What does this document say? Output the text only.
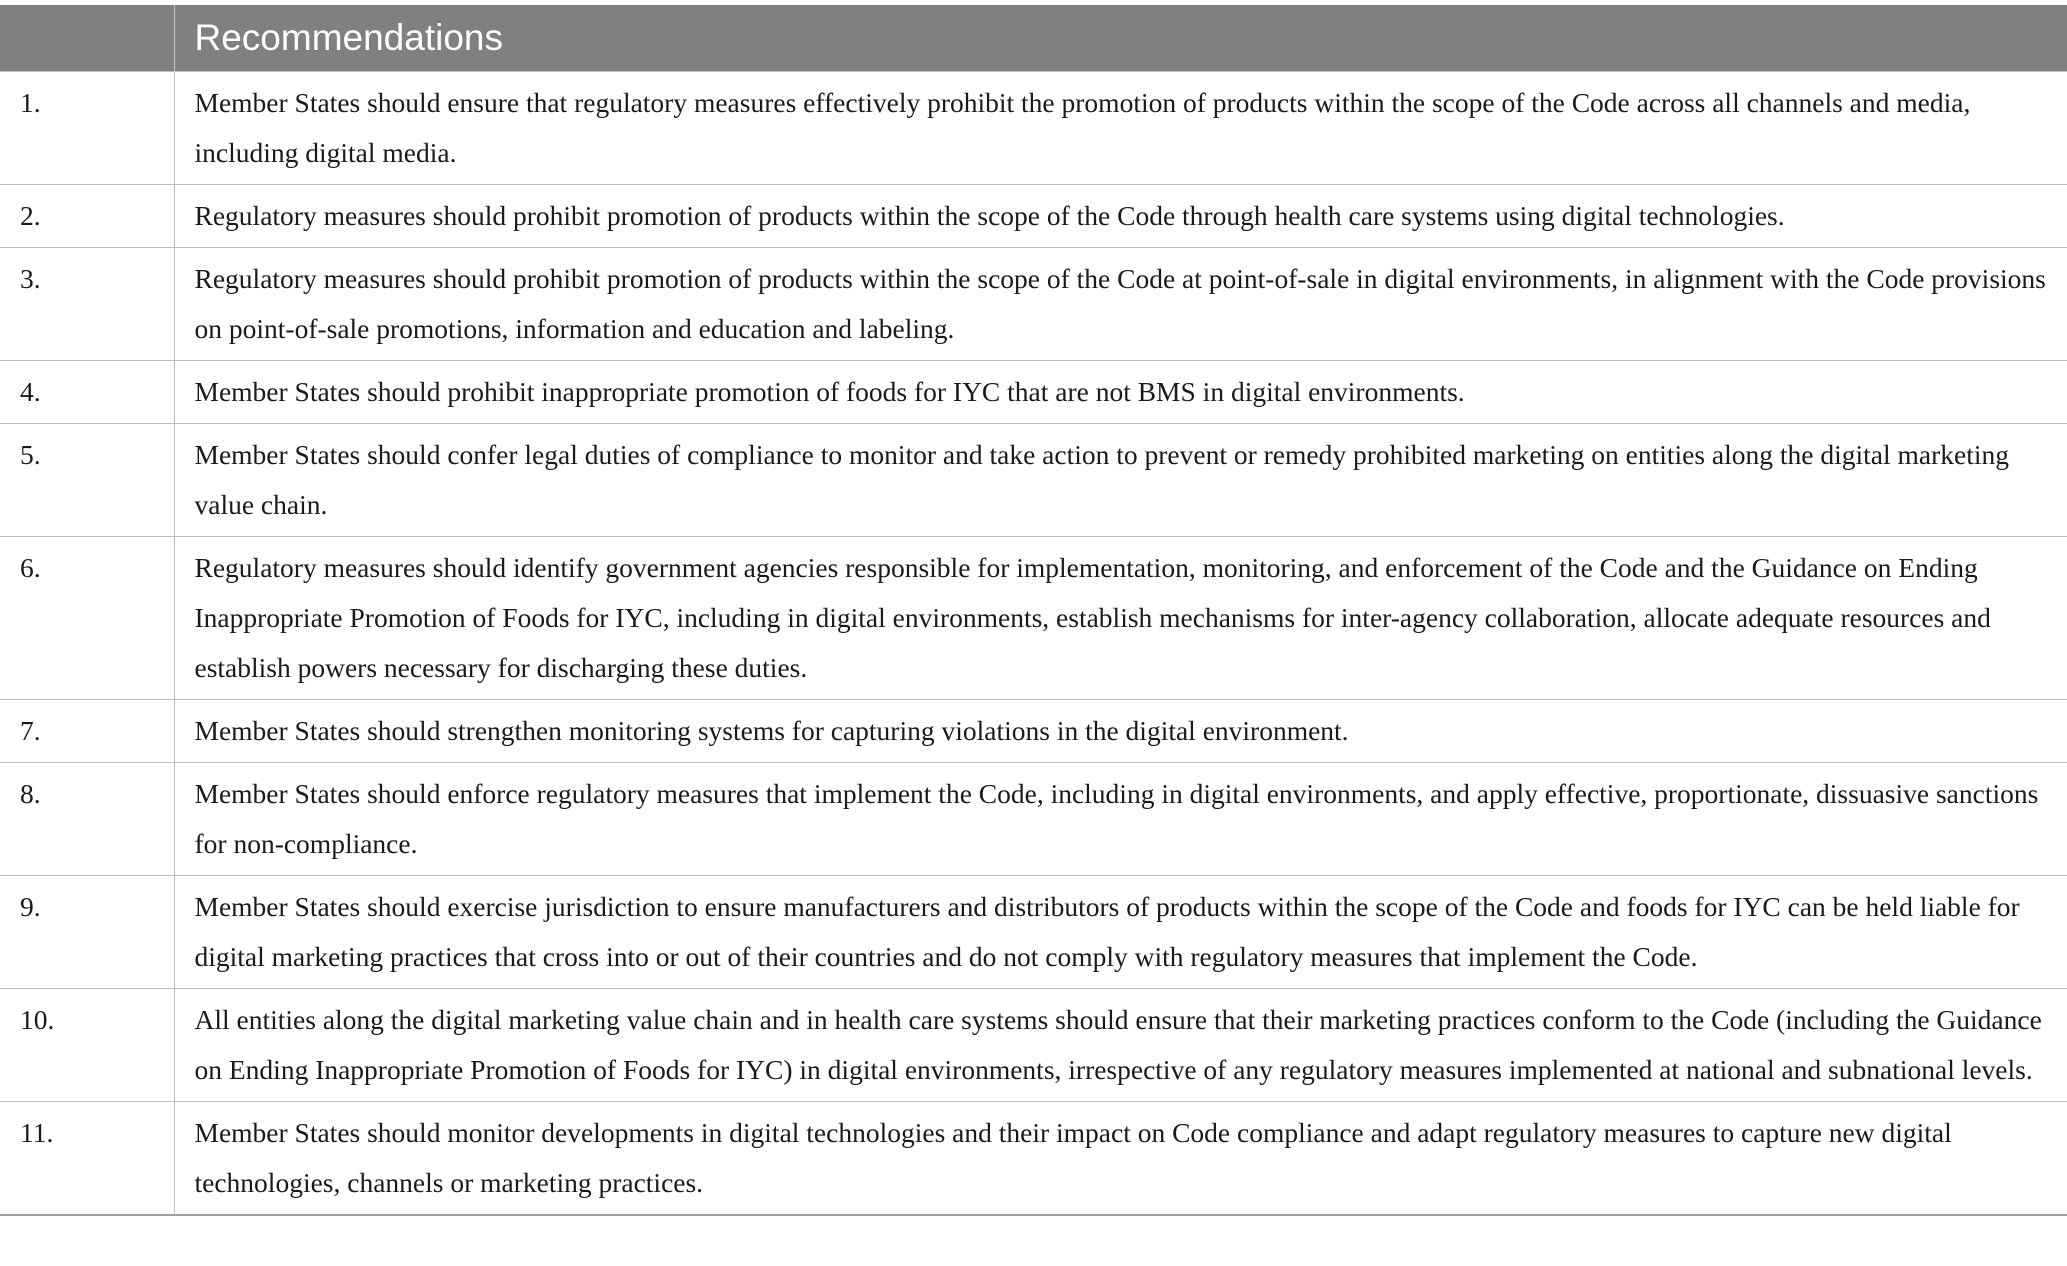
	Recommendations
1.	Member States should ensure that regulatory measures effectively prohibit the promotion of products within the scope of the Code across all channels and media, including digital media.
2.	Regulatory measures should prohibit promotion of products within the scope of the Code through health care systems using digital technologies.
3.	Regulatory measures should prohibit promotion of products within the scope of the Code at point-of-sale in digital environments, in alignment with the Code provisions on point-of-sale promotions, information and education and labeling.
4.	Member States should prohibit inappropriate promotion of foods for IYC that are not BMS in digital environments.
5.	Member States should confer legal duties of compliance to monitor and take action to prevent or remedy prohibited marketing on entities along the digital marketing value chain.
6.	Regulatory measures should identify government agencies responsible for implementation, monitoring, and enforcement of the Code and the Guidance on Ending Inappropriate Promotion of Foods for IYC, including in digital environments, establish mechanisms for inter-agency collaboration, allocate adequate resources and establish powers necessary for discharging these duties.
7.	Member States should strengthen monitoring systems for capturing violations in the digital environment.
8.	Member States should enforce regulatory measures that implement the Code, including in digital environments, and apply effective, proportionate, dissuasive sanctions for non-compliance.
9.	Member States should exercise jurisdiction to ensure manufacturers and distributors of products within the scope of the Code and foods for IYC can be held liable for digital marketing practices that cross into or out of their countries and do not comply with regulatory measures that implement the Code.
10.	All entities along the digital marketing value chain and in health care systems should ensure that their marketing practices conform to the Code (including the Guidance on Ending Inappropriate Promotion of Foods for IYC) in digital environments, irrespective of any regulatory measures implemented at national and subnational levels.
11.	Member States should monitor developments in digital technologies and their impact on Code compliance and adapt regulatory measures to capture new digital technologies, channels or marketing practices.
